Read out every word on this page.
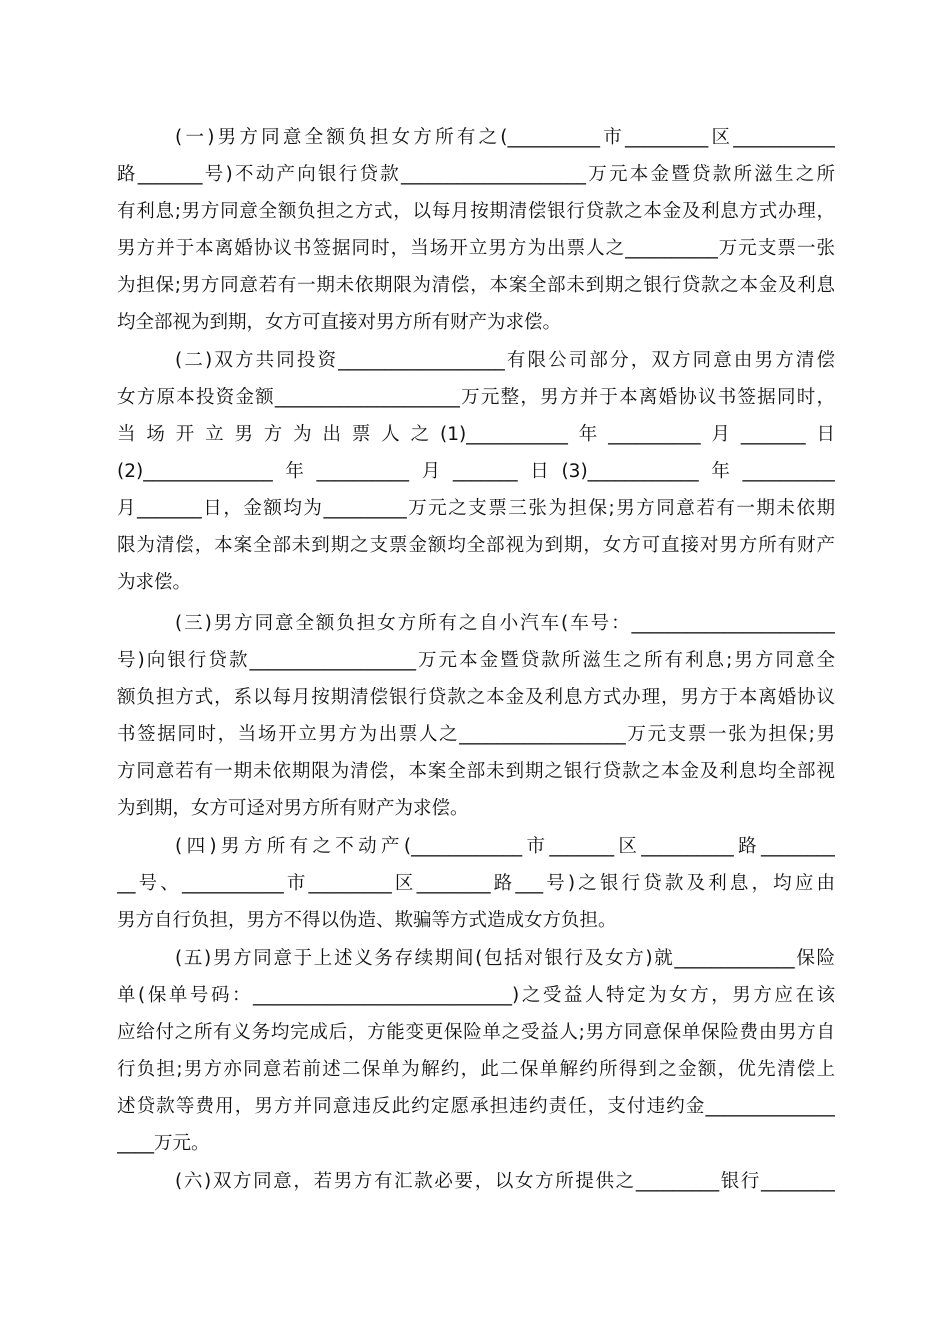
(一)男方同意全额负担女方所有之(__________市_________区___________
路_______号)不动产向银行贷款____________________万元本金暨贷款所滋生之所
有利息;男方同意全额负担之方式，以每月按期清偿银行贷款之本金及利息方式办理，
男方并于本离婚协议书签据同时，当场开立男方为出票人之__________万元支票一张
为担保;男方同意若有一期未依期限为清偿，本案全部未到期之银行贷款之本金及利息
均全部视为到期，女方可直接对男方所有财产为求偿。
(二)双方共同投资__________________有限公司部分，双方同意由男方清偿
女方原本投资金额____________________万元整，男方并于本离婚协议书签据同时，
当场开立男方为出票人之(1)___________年__________月_______日
(2)______________年__________月_______日(3)____________年__________
月_______日，金额均为_________万元之支票三张为担保;男方同意若有一期未依期
限为清偿，本案全部未到期之支票金额均全部视为到期，女方可直接对男方所有财产
为求偿。
(三)男方同意全额负担女方所有之自小汽车(车号：______________________
号)向银行贷款__________________万元本金暨贷款所滋生之所有利息;男方同意全
额负担方式，系以每月按期清偿银行贷款之本金及利息方式办理，男方于本离婚协议
书签据同时，当场开立男方为出票人之__________________万元支票一张为担保;男
方同意若有一期未依期限为清偿，本案全部未到期之银行贷款之本金及利息均全部视
为到期，女方可迳对男方所有财产为求偿。
(四)男方所有之不动产(____________市_______区__________路________
__号、___________市_________区________路___号)之银行贷款及利息，均应由
男方自行负担，男方不得以伪造、欺骗等方式造成女方负担。
(五)男方同意于上述义务存续期间(包括对银行及女方)就_____________保险
单(保单号码：____________________________)之受益人特定为女方，男方应在该
应给付之所有义务均完成后，方能变更保险单之受益人;男方同意保单保险费由男方自
行负担;男方亦同意若前述二保单为解约，此二保单解约所得到之金额，优先清偿上
述贷款等费用，男方并同意违反此约定愿承担违约责任，支付违约金______________
____万元。
(六)双方同意，若男方有汇款必要，以女方所提供之_________银行________
